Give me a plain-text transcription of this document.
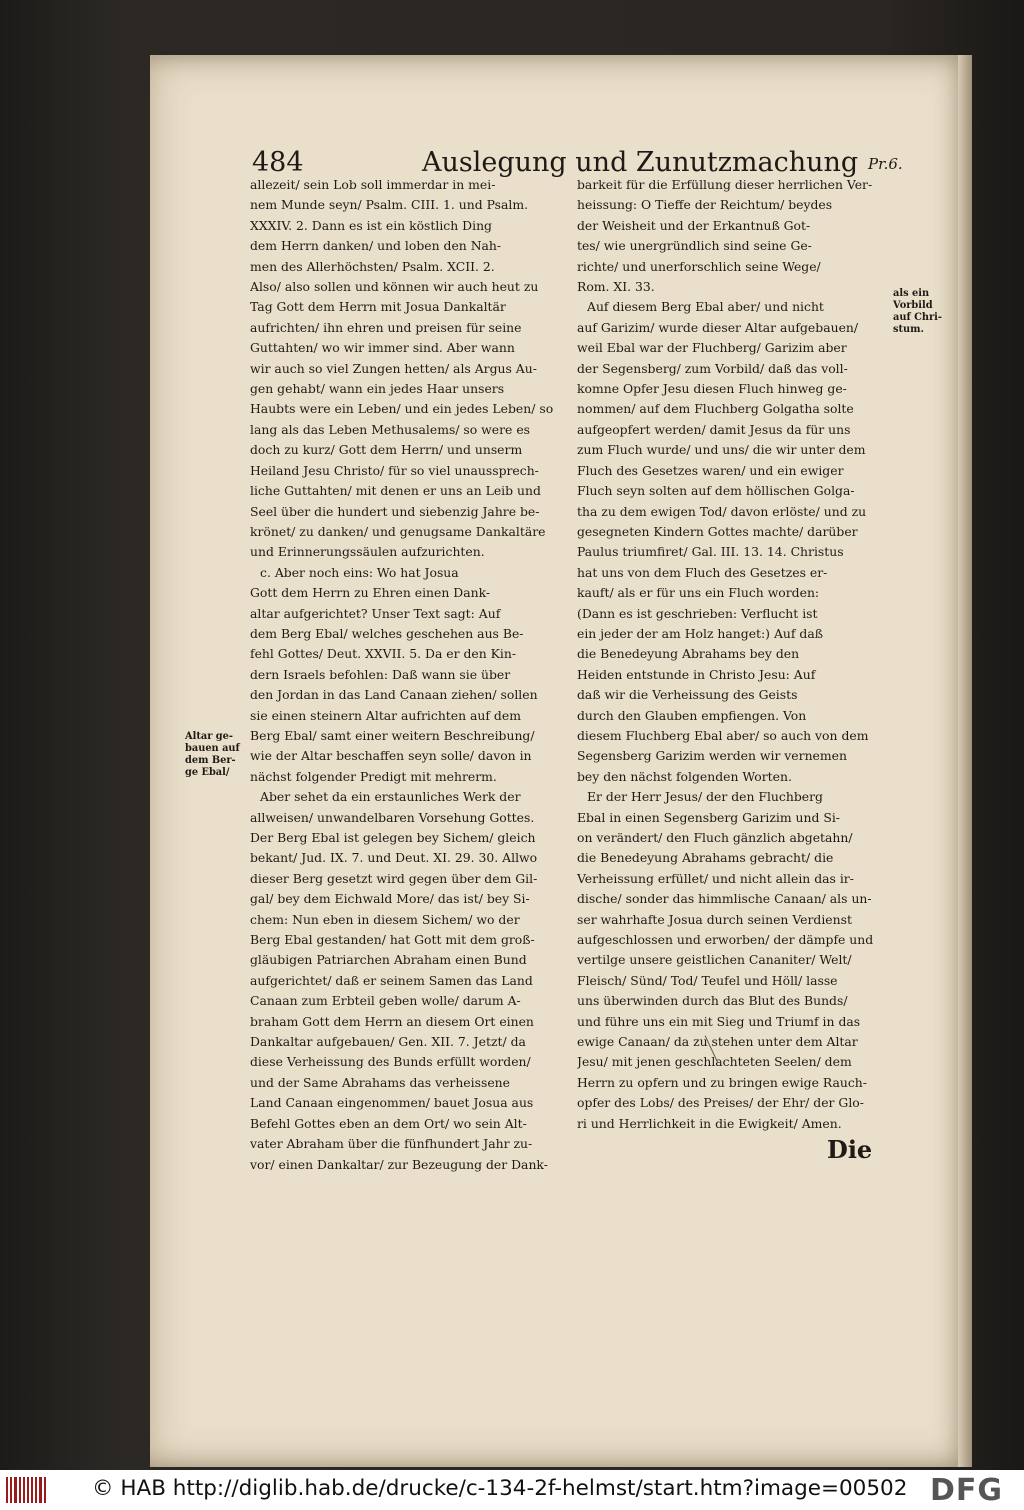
484	Auslegung und Zunutzmachung Pr.6.

allezeit/ sein Lob soll immerdar in mei-

nem Munde seyn/ Psalm. CIII. 1. und Psalm.

XXXIV. 2. Dann es ist ein köstlich Ding

dem Herrn danken/ und loben den Nah-

men des Allerhöchsten/ Psalm. XCII. 2.

Also/ also sollen und können wir auch heut zu

Tag Gott dem Herrn mit Josua Dankaltär

aufrichten/ ihn ehren und preisen für seine

Guttahten/ wo wir immer sind. Aber wann

wir auch so viel Zungen hetten/ als Argus Au-

gen gehabt/ wann ein jedes Haar unsers

Haubts were ein Leben/ und ein jedes Leben/ so

lang als das Leben Methusalems/ so were es

doch zu kurz/ Gott dem Herrn/ und unserm

Heiland Jesu Christo/ für so viel unaussprech-

liche Guttahten/ mit denen er uns an Leib und

Seel über die hundert und siebenzig Jahre be-

krönet/ zu danken/ und genugsame Dankaltäre

und Erinnerungssäulen aufzurichten.

c. Aber noch eins: Wo hat Josua

Gott dem Herrn zu Ehren einen Dank-

altar aufgerichtet? Unser Text sagt: Auf

dem Berg Ebal/ welches geschehen aus Be-

fehl Gottes/ Deut. XXVII. 5. Da er den Kin-

dern Israels befohlen: Daß wann sie über

den Jordan in das Land Canaan ziehen/ sollen

sie einen steinern Altar aufrichten auf dem

Berg Ebal/ samt einer weitern Beschreibung/

wie der Altar beschaffen seyn solle/ davon in

nächst folgender Predigt mit mehrerm.

Aber sehet da ein erstaunliches Werk der

allweisen/ unwandelbaren Vorsehung Gottes.

Der Berg Ebal ist gelegen bey Sichem/ gleich

bekant/ Jud. IX. 7. und Deut. XI. 29. 30. Allwo

dieser Berg gesetzt wird gegen über dem Gil-

gal/ bey dem Eichwald More/ das ist/ bey Si-

chem: Nun eben in diesem Sichem/ wo der

Berg Ebal gestanden/ hat Gott mit dem groß-

gläubigen Patriarchen Abraham einen Bund

aufgerichtet/ daß er seinem Samen das Land

Canaan zum Erbteil geben wolle/ darum A-

braham Gott dem Herrn an diesem Ort einen

Dankaltar aufgebauen/ Gen. XII. 7. Jetzt/ da

diese Verheissung des Bunds erfüllt worden/

und der Same Abrahams das verheissene

Land Canaan eingenommen/ bauet Josua aus

Befehl Gottes eben an dem Ort/ wo sein Alt-

vater Abraham über die fünfhundert Jahr zu-

vor/ einen Dankaltar/ zur Bezeugung der Dank-

barkeit für die Erfüllung dieser herrlichen Ver-

heissung: O Tieffe der Reichtum/ beydes

der Weisheit und der Erkantnuß Got-

tes/ wie unergründlich sind seine Ge-

richte/ und unerforschlich seine Wege/

Rom. XI. 33.

Auf diesem Berg Ebal aber/ und nicht

auf Garizim/ wurde dieser Altar aufgebauen/

weil Ebal war der Fluchberg/ Garizim aber

der Segensberg/ zum Vorbild/ daß das voll-

komne Opfer Jesu diesen Fluch hinweg ge-

nommen/ auf dem Fluchberg Golgatha solte

aufgeopfert werden/ damit Jesus da für uns

zum Fluch wurde/ und uns/ die wir unter dem

Fluch des Gesetzes waren/ und ein ewiger

Fluch seyn solten auf dem höllischen Golga-

tha zu dem ewigen Tod/ davon erlöste/ und zu

gesegneten Kindern Gottes machte/ darüber

Paulus triumfiret/ Gal. III. 13. 14. Christus

hat uns von dem Fluch des Gesetzes er-

kauft/ als er für uns ein Fluch worden:

(Dann es ist geschrieben: Verflucht ist

ein jeder der am Holz hanget:) Auf daß

die Benedeyung Abrahams bey den

Heiden entstunde in Christo Jesu: Auf

daß wir die Verheissung des Geists

durch den Glauben empfiengen. Von

diesem Fluchberg Ebal aber/ so auch von dem

Segensberg Garizim werden wir vernemen

bey den nächst folgenden Worten.

Er der Herr Jesus/ der den Fluchberg

Ebal in einen Segensberg Garizim und Si-

on verändert/ den Fluch gänzlich abgetahn/

die Benedeyung Abrahams gebracht/ die

Verheissung erfüllet/ und nicht allein das ir-

dische/ sonder das himmlische Canaan/ als un-

ser wahrhafte Josua durch seinen Verdienst

aufgeschlossen und erworben/ der dämpfe und

vertilge unsere geistlichen Cananiter/ Welt/

Fleisch/ Sünd/ Tod/ Teufel und Höll/ lasse

uns überwinden durch das Blut des Bunds/

und führe uns ein mit Sieg und Triumf in das

ewige Canaan/ da zu stehen unter dem Altar

Jesu/ mit jenen geschlachteten Seelen/ dem

Herrn zu opfern und zu bringen ewige Rauch-

opfer des Lobs/ des Preises/ der Ehr/ der Glo-

ri und Herrlichkeit in die Ewigkeit/ Amen.

Altar ge-

bauen auf

dem Ber-

ge Ebal/

als ein

Vorbild

auf Chri-

stum.

Die
© HAB http://diglib.hab.de/drucke/c-134-2f-helmst/start.htm?image=00502 DFG
